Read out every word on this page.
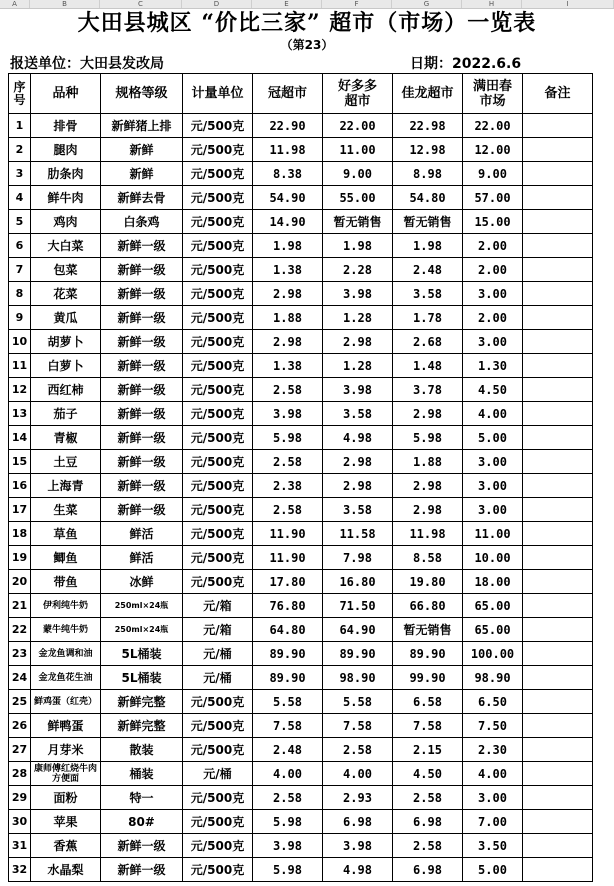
A	B	C	D	E	F	G	H	I
大田县城区 “价比三家” 超市（市场）一览表
（第23）
报送单位：大田县发改局	日期：2022.6.6
序号	品种	规格等级	计量单位	冠超市	好多多超市	佳龙超市	满田春市场	备注
1	排骨	新鲜猪上排	元/500克	22.90	22.00	22.98	22.00	
2	腿肉	新鲜	元/500克	11.98	11.00	12.98	12.00	
3	肋条肉	新鲜	元/500克	8.38	9.00	8.98	9.00	
4	鲜牛肉	新鲜去骨	元/500克	54.90	55.00	54.80	57.00	
5	鸡肉	白条鸡	元/500克	14.90	暂无销售	暂无销售	15.00	
6	大白菜	新鲜一级	元/500克	1.98	1.98	1.98	2.00	
7	包菜	新鲜一级	元/500克	1.38	2.28	2.48	2.00	
8	花菜	新鲜一级	元/500克	2.98	3.98	3.58	3.00	
9	黄瓜	新鲜一级	元/500克	1.88	1.28	1.78	2.00	
10	胡萝卜	新鲜一级	元/500克	2.98	2.98	2.68	3.00	
11	白萝卜	新鲜一级	元/500克	1.38	1.28	1.48	1.30	
12	西红柿	新鲜一级	元/500克	2.58	3.98	3.78	4.50	
13	茄子	新鲜一级	元/500克	3.98	3.58	2.98	4.00	
14	青椒	新鲜一级	元/500克	5.98	4.98	5.98	5.00	
15	土豆	新鲜一级	元/500克	2.58	2.98	1.88	3.00	
16	上海青	新鲜一级	元/500克	2.38	2.98	2.98	3.00	
17	生菜	新鲜一级	元/500克	2.58	3.58	2.98	3.00	
18	草鱼	鲜活	元/500克	11.90	11.58	11.98	11.00	
19	鲫鱼	鲜活	元/500克	11.90	7.98	8.58	10.00	
20	带鱼	冰鲜	元/500克	17.80	16.80	19.80	18.00	
21	伊利纯牛奶	250ml×24瓶	元/箱	76.80	71.50	66.80	65.00	
22	蒙牛纯牛奶	250ml×24瓶	元/箱	64.80	64.90	暂无销售	65.00	
23	金龙鱼调和油	5L桶装	元/桶	89.90	89.90	89.90	100.00	
24	金龙鱼花生油	5L桶装	元/桶	89.90	98.90	99.90	98.90	
25	鲜鸡蛋（红壳）	新鲜完整	元/500克	5.58	5.58	6.58	6.50	
26	鲜鸭蛋	新鲜完整	元/500克	7.58	7.58	7.58	7.50	
27	月芽米	散装	元/500克	2.48	2.58	2.15	2.30	
28	康师傅红烧牛肉方便面	桶装	元/桶	4.00	4.00	4.50	4.00	
29	面粉	特一	元/500克	2.58	2.93	2.58	3.00	
30	苹果	80#	元/500克	5.98	6.98	6.98	7.00	
31	香蕉	新鲜一级	元/500克	3.98	3.98	2.58	3.50	
32	水晶梨	新鲜一级	元/500克	5.98	4.98	6.98	5.00	
